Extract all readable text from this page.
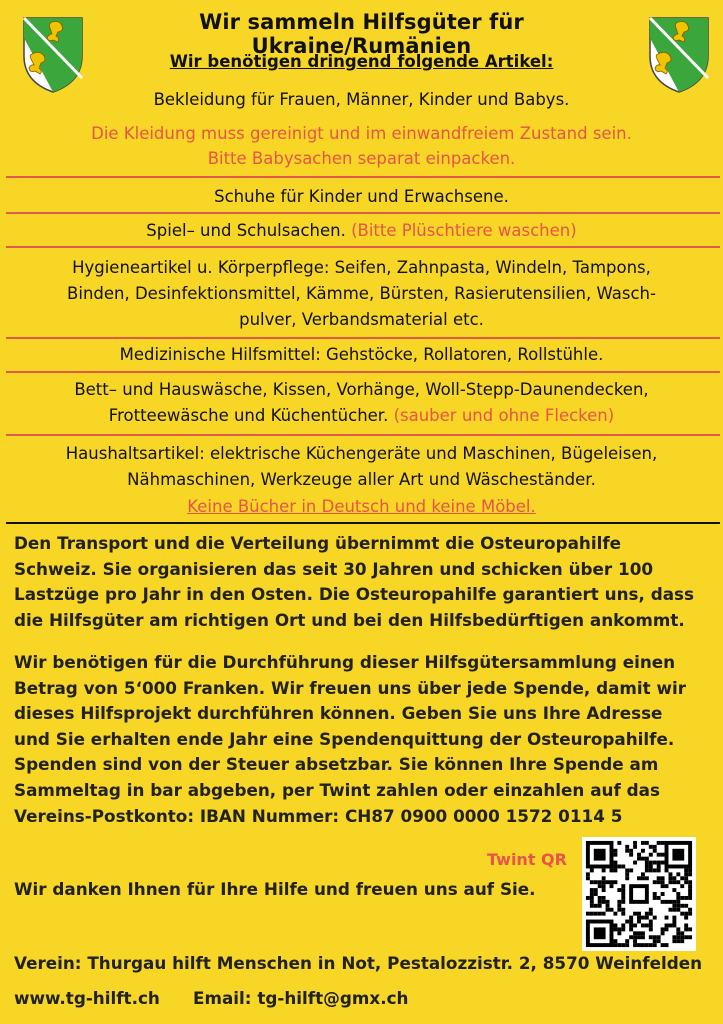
Wir sammeln Hilfsgüter für Ukraine/Rumänien
Wir benötigen dringend folgende Artikel:
Bekleidung für Frauen, Männer, Kinder und Babys.
Die Kleidung muss gereinigt und im einwandfreiem Zustand sein.
Bitte Babysachen separat einpacken.
Schuhe für Kinder und Erwachsene.
Spiel– und Schulsachen. (Bitte Plüschtiere waschen)
Hygieneartikel u. Körperpflege: Seifen, Zahnpasta, Windeln, Tampons,
Binden, Desinfektionsmittel, Kämme, Bürsten, Rasierutensilien, Wasch-
pulver, Verbandsmaterial etc.
Medizinische Hilfsmittel: Gehstöcke, Rollatoren, Rollstühle.
Bett– und Hauswäsche, Kissen, Vorhänge, Woll-Stepp-Daunendecken,
Frotteewäsche und Küchentücher. (sauber und ohne Flecken)
Haushaltsartikel: elektrische Küchengeräte und Maschinen, Bügeleisen,
Nähmaschinen, Werkzeuge aller Art und Wäscheständer.
Keine Bücher in Deutsch und keine Möbel.
Den Transport und die Verteilung übernimmt die Osteuropahilfe
Schweiz. Sie organisieren das seit 30 Jahren und schicken über 100
Lastzüge pro Jahr in den Osten. Die Osteuropahilfe garantiert uns, dass
die Hilfsgüter am richtigen Ort und bei den Hilfsbedürftigen ankommt.
Wir benötigen für die Durchführung dieser Hilfsgütersammlung einen
Betrag von 5‘000 Franken. Wir freuen uns über jede Spende, damit wir
dieses Hilfsprojekt durchführen können. Geben Sie uns Ihre Adresse
und Sie erhalten ende Jahr eine Spendenquittung der Osteuropahilfe.
Spenden sind von der Steuer absetzbar. Sie können Ihre Spende am
Sammeltag in bar abgeben, per Twint zahlen oder einzahlen auf das
Vereins-Postkonto: IBAN Nummer: CH87 0900 0000 1572 0114 5
Twint QR
Wir danken Ihnen für Ihre Hilfe und freuen uns auf Sie.
Verein: Thurgau hilft Menschen in Not, Pestalozzistr. 2, 8570 Weinfelden
www.tg-hilft.ch Email: tg-hilft@gmx.ch
